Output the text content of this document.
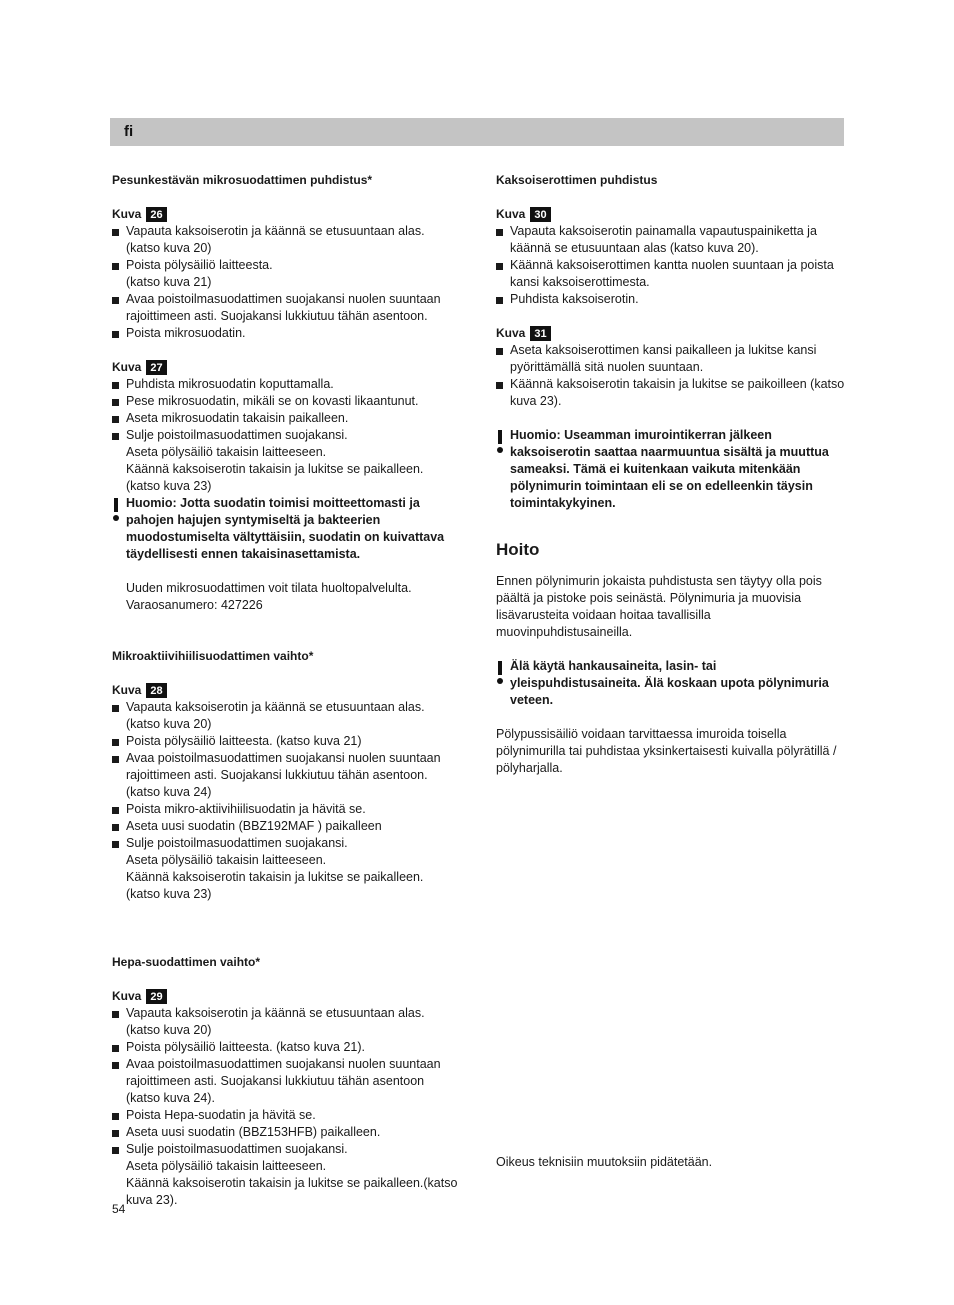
fi

Pesunkestävän mikrosuodattimen puhdistus*

Kuva 26

Vapauta kaksoiserotin ja käännä se etusuuntaan alas.
(katso kuva 20)
Poista pölysäiliö laitteesta.
(katso kuva 21)
Avaa poistoilmasuodattimen suojakansi nuolen suuntaan rajoittimeen asti. Suojakansi lukkiutuu tähän asentoon.
Poista mikrosuodatin.

Kuva 27

Puhdista mikrosuodatin koputtamalla.
Pese mikrosuodatin, mikäli se on kovasti likaantunut.
Aseta mikrosuodatin takaisin paikalleen.
Sulje poistoilmasuodattimen suojakansi.
Aseta pölysäiliö takaisin laitteeseen.
Käännä kaksoiserotin takaisin ja lukitse se paikalleen.
(katso kuva 23)
Huomio: Jotta suodatin toimisi moitteettomasti ja pahojen hajujen syntymiseltä ja bakteerien muodostumiselta vältyttäisiin, suodatin on kuivattava täydellisesti ennen takaisinasettamista.

Uuden mikrosuodattimen voit tilata huoltopalvelulta.

Varaosanumero: 427226

Mikroaktiivihiilisuodattimen vaihto*

Kuva 28

Vapauta kaksoiserotin ja käännä se etusuuntaan alas.
(katso kuva 20)
Poista pölysäiliö laitteesta. (katso kuva 21)
Avaa poistoilmasuodattimen suojakansi nuolen suuntaan rajoittimeen asti. Suojakansi lukkiutuu tähän asentoon.
(katso kuva 24)
Poista mikro-aktiivihiilisuodatin ja hävitä se.
Aseta uusi suodatin (BBZ192MAF ) paikalleen
Sulje poistoilmasuodattimen suojakansi.
Aseta pölysäiliö takaisin laitteeseen.
Käännä kaksoiserotin takaisin ja lukitse se paikalleen.
(katso kuva 23)

Hepa-suodattimen vaihto*

Kuva 29

Vapauta kaksoiserotin ja käännä se etusuuntaan alas.
(katso kuva 20)
Poista pölysäiliö laitteesta. (katso kuva 21).
Avaa poistoilmasuodattimen suojakansi nuolen suuntaan rajoittimeen asti. Suojakansi lukkiutuu tähän asentoon
(katso kuva 24).
Poista Hepa-suodatin ja hävitä se.
Aseta uusi suodatin (BBZ153HFB) paikalleen.
Sulje poistoilmasuodattimen suojakansi.
Aseta pölysäiliö takaisin laitteeseen.
Käännä kaksoiserotin takaisin ja lukitse se paikalleen.(katso kuva 23).

Kaksoiserottimen puhdistus

Kuva 30

Vapauta kaksoiserotin painamalla vapautuspainiketta ja käännä se etusuuntaan alas (katso kuva 20).
Käännä kaksoiserottimen kantta nuolen suuntaan ja poista kansi kaksoiserottimesta.
Puhdista kaksoiserotin.

Kuva 31

Aseta kaksoiserottimen kansi paikalleen ja lukitse kansi pyörittämällä sitä nuolen suuntaan.
Käännä kaksoiserotin takaisin ja lukitse se paikoilleen (katso kuva 23).
Huomio: Useamman imurointikerran jälkeen kaksoiserotin saattaa naarmuuntua sisältä ja muuttua sameaksi. Tämä ei kuitenkaan vaikuta mitenkään pölynimurin toimintaan eli se on edelleenkin täysin toimintakykyinen.

Hoito

Ennen pölynimurin jokaista puhdistusta sen täytyy olla pois päältä ja pistoke pois seinästä. Pölynimuria ja muovisia lisävarusteita voidaan hoitaa tavallisilla muovinpuhdistusaineilla.

Älä käytä hankausaineita, lasin- tai yleispuhdistusaineita. Älä koskaan upota pölynimuria veteen.

Pölypussisäiliö voidaan tarvittaessa imuroida toisella pölynimurilla tai puhdistaa yksinkertaisesti kuivalla pölyrätillä / pölyharjalla.

Oikeus teknisiin muutoksiin pidätetään.

54
